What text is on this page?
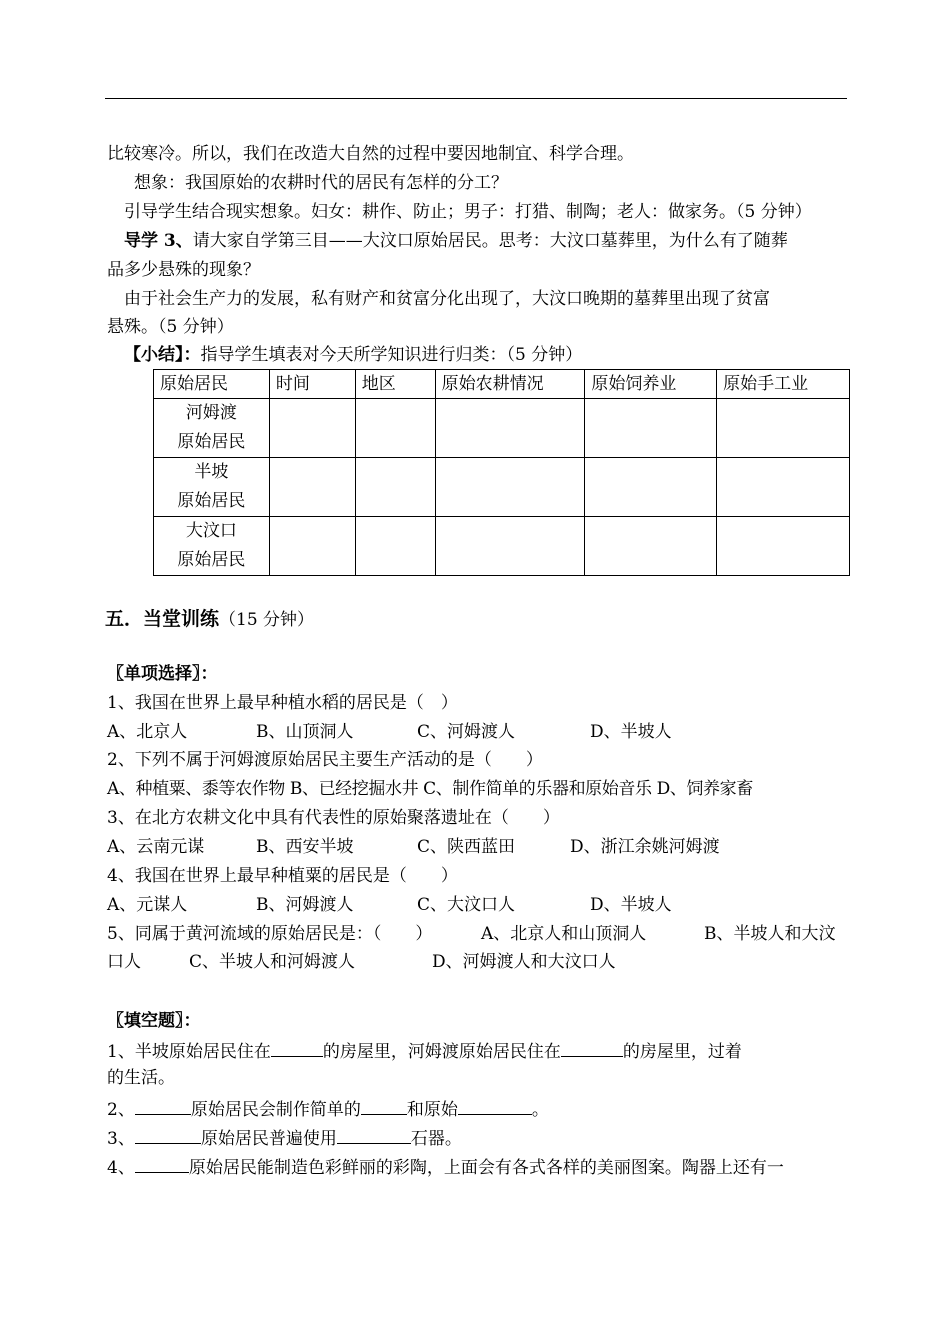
比较寒冷。所以，我们在改造大自然的过程中要因地制宜、科学合理。
想象：我国原始的农耕时代的居民有怎样的分工？
引导学生结合现实想象。妇女：耕作、防止；男子：打猎、制陶；老人：做家务。（5 分钟）
导学 3、请大家自学第三目——大汶口原始居民。思考：大汶口墓葬里，为什么有了随葬
品多少悬殊的现象？
由于社会生产力的发展，私有财产和贫富分化出现了，大汶口晚期的墓葬里出现了贫富
悬殊。（5 分钟）
【小结】：指导学生填表对今天所学知识进行归类：（5 分钟）
原始居民	时间	地区	原始农耕情况	原始饲养业	原始手工业

河姆渡
原始居民					

半坡
原始居民					

大汶口
原始居民					

五．当堂训练（15 分钟）
〖单项选择〗：
1、我国在世界上最早种植水稻的居民是（　）
A、北京人	B、山顶洞人	C、河姆渡人	D、半坡人
2、下列不属于河姆渡原始居民主要生产活动的是（　　）
A、种植粟、黍等农作物 B、已经挖掘水井 C、制作简单的乐器和原始音乐 D、饲养家畜
3、在北方农耕文化中具有代表性的原始聚落遗址在（　　）
A、云南元谋	B、西安半坡	C、陕西蓝田	D、浙江余姚河姆渡
4、我国在世界上最早种植粟的居民是（　　）
A、元谋人	B、河姆渡人	C、大汶口人	D、半坡人
5、同属于黄河流域的原始居民是：（　　）	A、北京人和山顶洞人	B、半坡人和大汶
口人	C、半坡人和河姆渡人	D、河姆渡人和大汶口人
〖填空题〗：
1、半坡原始居民住在	的房屋里，河姆渡原始居民住在	的房屋里，过着
的生活。
2、	原始居民会制作简单的	和原始	。
3、	原始居民普遍使用	石器。
4、	原始居民能制造色彩鲜丽的彩陶，上面会有各式各样的美丽图案。陶器上还有一
